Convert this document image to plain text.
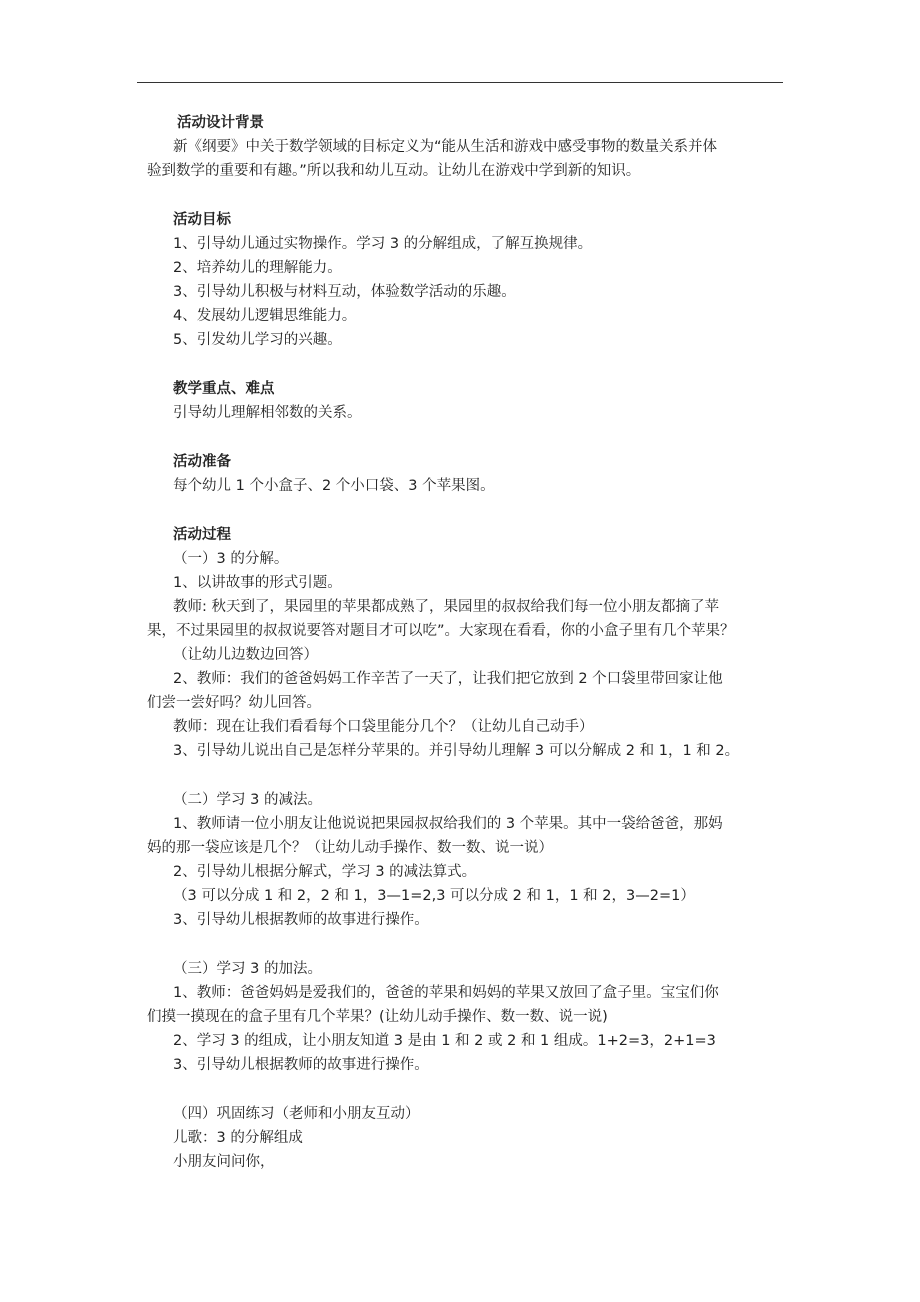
活动设计背景
新《纲要》中关于数学领域的目标定义为“能从生活和游戏中感受事物的数量关系并体
验到数学的重要和有趣。”所以我和幼儿互动。让幼儿在游戏中学到新的知识。
活动目标
1、引导幼儿通过实物操作。学习 3 的分解组成，了解互换规律。
2、培养幼儿的理解能力。
3、引导幼儿积极与材料互动，体验数学活动的乐趣。
4、发展幼儿逻辑思维能力。
5、引发幼儿学习的兴趣。
教学重点、难点
引导幼儿理解相邻数的关系。
活动准备
每个幼儿 1 个小盒子、2 个小口袋、3 个苹果图。
活动过程
（一）3 的分解。
1、以讲故事的形式引题。
教师: 秋天到了，果园里的苹果都成熟了，果园里的叔叔给我们每一位小朋友都摘了苹
果，不过果园里的叔叔说要答对题目才可以吃”。大家现在看看，你的小盒子里有几个苹果？
（让幼儿边数边回答）
2、教师：我们的爸爸妈妈工作辛苦了一天了，让我们把它放到 2 个口袋里带回家让他
们尝一尝好吗？幼儿回答。
教师：现在让我们看看每个口袋里能分几个？（让幼儿自己动手）
3、引导幼儿说出自己是怎样分苹果的。并引导幼儿理解 3 可以分解成 2 和 1，1 和 2。
（二）学习 3 的减法。
1、教师请一位小朋友让他说说把果园叔叔给我们的 3 个苹果。其中一袋给爸爸，那妈
妈的那一袋应该是几个？（让幼儿动手操作、数一数、说一说）
2、引导幼儿根据分解式，学习 3 的减法算式。
（3 可以分成 1 和 2，2 和 1，3—1=2,3 可以分成 2 和 1，1 和 2，3—2=1）
3、引导幼儿根据教师的故事进行操作。
（三）学习 3 的加法。
1、教师：爸爸妈妈是爱我们的，爸爸的苹果和妈妈的苹果又放回了盒子里。宝宝们你
们摸一摸现在的盒子里有几个苹果？(让幼儿动手操作、数一数、说一说)
2、学习 3 的组成，让小朋友知道 3 是由 1 和 2 或 2 和 1 组成。1+2=3，2+1=3
3、引导幼儿根据教师的故事进行操作。
（四）巩固练习（老师和小朋友互动）
儿歌：3 的分解组成
小朋友问问你，
